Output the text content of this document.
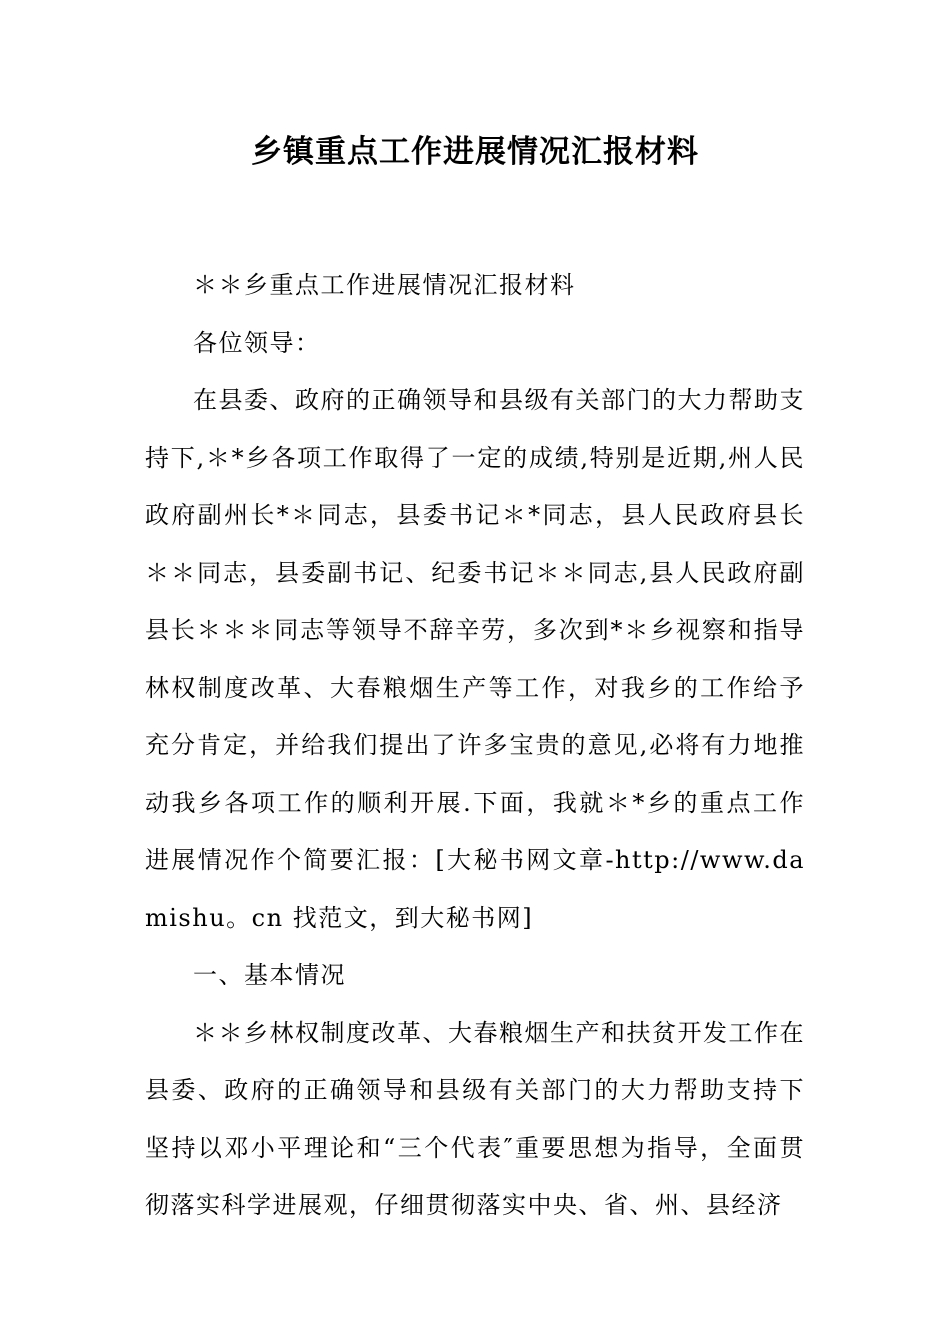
乡镇重点工作进展情况汇报材料

＊＊乡重点工作进展情况汇报材料

各位领导：

在县委、政府的正确领导和县级有关部门的大力帮助支持下,＊*乡各项工作取得了一定的成绩,特别是近期,州人民政府副州长*＊同志，县委书记＊*同志，县人民政府县长＊＊同志，县委副书记、纪委书记＊＊同志,县人民政府副县长＊＊＊同志等领导不辞辛劳，多次到*＊乡视察和指导林权制度改革、大春粮烟生产等工作，对我乡的工作给予充分肯定，并给我们提出了许多宝贵的意见,必将有力地推动我乡各项工作的顺利开展.下面，我就＊*乡的重点工作进展情况作个简要汇报：[大秘书网文章-http://www.damishu。cn 找范文，到大秘书网]

一、基本情况

＊＊乡林权制度改革、大春粮烟生产和扶贫开发工作在县委、政府的正确领导和县级有关部门的大力帮助支持下坚持以邓小平理论和“三个代表″重要思想为指导，全面贯彻落实科学进展观，仔细贯彻落实中央、省、州、县经济
